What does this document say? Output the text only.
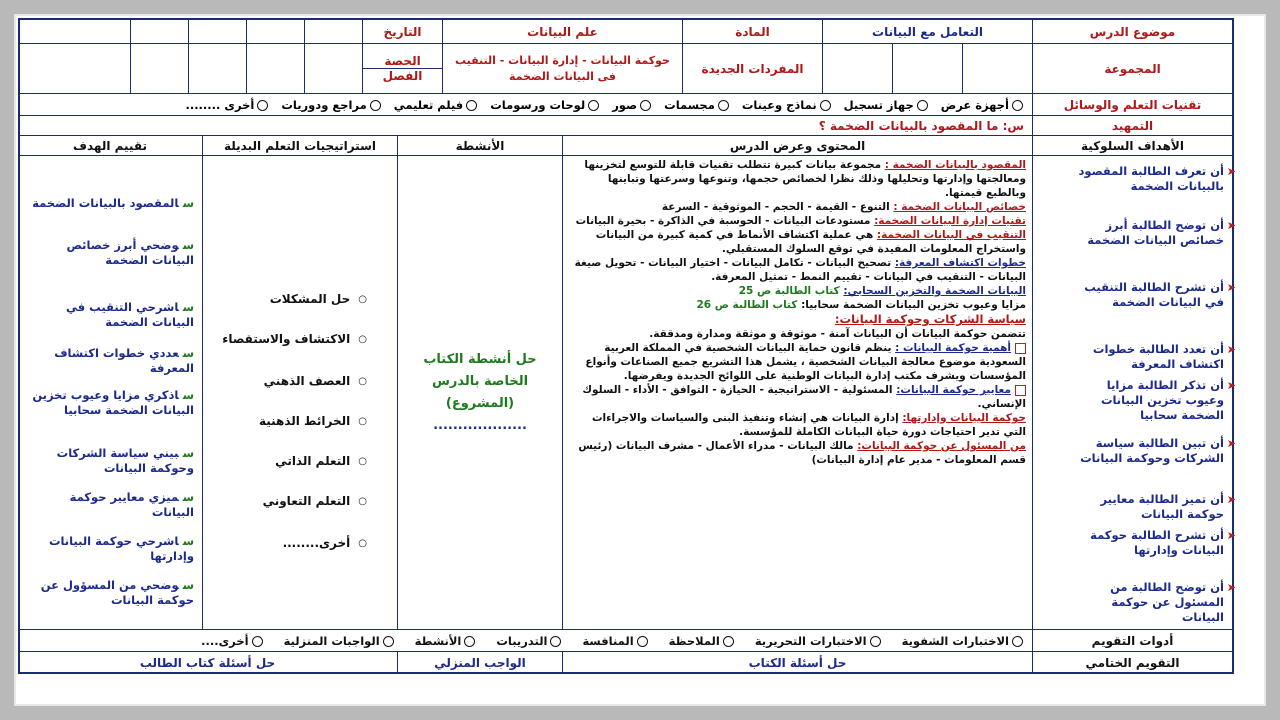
موضوع الدرس
التعامل مع البيانات
المادة
علم البيانات
التاريخ
المجموعة
المفردات الجديدة
حوكمة البيانات - إدارة البيانات - التنقيب فى البيانات الضخمة
الحصة
الفصل
تقنيات التعلم والوسائل
أجهزة عرض
جهاز تسجيل
نماذج وعينات
مجسمات
صور
لوحات ورسومات
فيلم تعليمي
مراجع ودوريات
أخرى ........
التمهيد
س: ما المقصود بالبيانات الضخمة ؟
الأهداف السلوكية
المحتوى وعرض الدرس
الأنشطة
استراتيجيات التعلم البديلة
تقييم الهدف
➤
أن تعرف الطالبة المقصود بالبيانات الضخمة
➤
أن توضح الطالبة أبرز خصائص البيانات الضخمة
➤
أن تشرح الطالبة التنقيب في البيانات الضخمة
➤
أن تعدد الطالبة خطوات اكتشاف المعرفة
➤
أن تذكر الطالبة مزايا وعيوب تخزين البيانات الضخمة سحابيا
➤
أن تبين الطالبة سياسة الشركات وحوكمة البيانات
➤
أن تميز الطالبة معايير حوكمة البيانات
➤
أن تشرح الطالبة حوكمة البيانات وإدارتها
➤
أن توضح الطالبة من المسئول عن حوكمة البيانات
المقصود بالبيانات الضخمة : مجموعة بيانات كبيرة تتطلب تقنيات قابلة للتوسع لتخزينها ومعالجتها وإدارتها وتحليلها وذلك نظرا لخصائص حجمها، وتنوعها وسرعتها وتباينها وبالطبع قيمتها.
خصائص البيانات الضخمة : التنوع - القيمة - الحجم - الموثوقية - السرعة
تقنيات إدارة البيانات الضخمة: مستودعات البيانات - الحوسبة في الذاكرة - بحيرة البيانات
التنقيب في البيانات الضخمة: هي عملية اكتشاف الأنماط في كمية كبيرة من البيانات واستخراج المعلومات المفيدة في توقع السلوك المستقبلي.
خطوات اكتشاف المعرفة: تصحيح البيانات - تكامل البيانات - اختيار البيانات - تحويل صيغة البيانات - التنقيب في البيانات - تقييم النمط - تمثيل المعرفة.
البيانات الضخمة والتخزين السحابي: كتاب الطالبة ص 25
مزايا وعيوب تخزين البيانات الضخمة سحابيا: كتاب الطالبة ص 26
سياسة الشركات وحوكمة البيانات:
تتضمن حوكمة البيانات أن البيانات آمنة - موثوقة و موثقة ومدارة ومدققة.
أهمية حوكمة البيانات : ينظم قانون حماية البيانات الشخصية في المملكة العربية السعودية موضوع معالجة البيانات الشخصية ، يشمل هذا التشريع جميع الصناعات وأنواع المؤسسات ويشرف مكتب إدارة البيانات الوطنية على اللوائح الجديدة ويفرضها.
معايير حوكمة البيانات: المسئولية - الاستراتيجية - الحيازة - التوافق - الأداء - السلوك الإنساني.
حوكمة البيانات وإدارتها: إدارة البيانات هي إنشاء وتنفيذ البنى والسياسات والاجراءات التي تدير احتياجات دورة حياة البيانات الكاملة للمؤسسة.
من المسئول عن حوكمة البيانات: مالك البيانات - مدراء الأعمال - مشرف البيانات (رئيس قسم المعلومات - مدير عام إدارة البيانات)
حل أنشطة الكتاب
الخاصة بالدرس
(المشروع)
...................
○
حل المشكلات
○
الاكتشاف والاستقصاء
○
العصف الذهني
○
الخرائط الذهنية
○
التعلم الذاتي
○
التعلم التعاوني
○
أخرى........
سالمقصود بالبيانات الضخمة
سوضحي أبرز خصائص البيانات الضخمة
ساشرحي التنقيب في البيانات الضخمة
سعددي خطوات اكتشاف المعرفة
ساذكري مزايا وعيوب تخزين البيانات الضخمة سحابيا
سبيني سياسة الشركات وحوكمة البيانات
سميزي معايير حوكمة البيانات
ساشرحي حوكمة البيانات وإدارتها
سوضحي من المسؤول عن حوكمة البيانات
أدوات التقويم
الاختبارات الشفوية
الاختبارات التحريرية
الملاحظة
المنافسة
التدريبات
الأنشطة
الواجبات المنزلية
أخرى....
التقويم الختامي
حل أسئلة الكتاب
الواجب المنزلي
حل أسئلة كتاب الطالب
